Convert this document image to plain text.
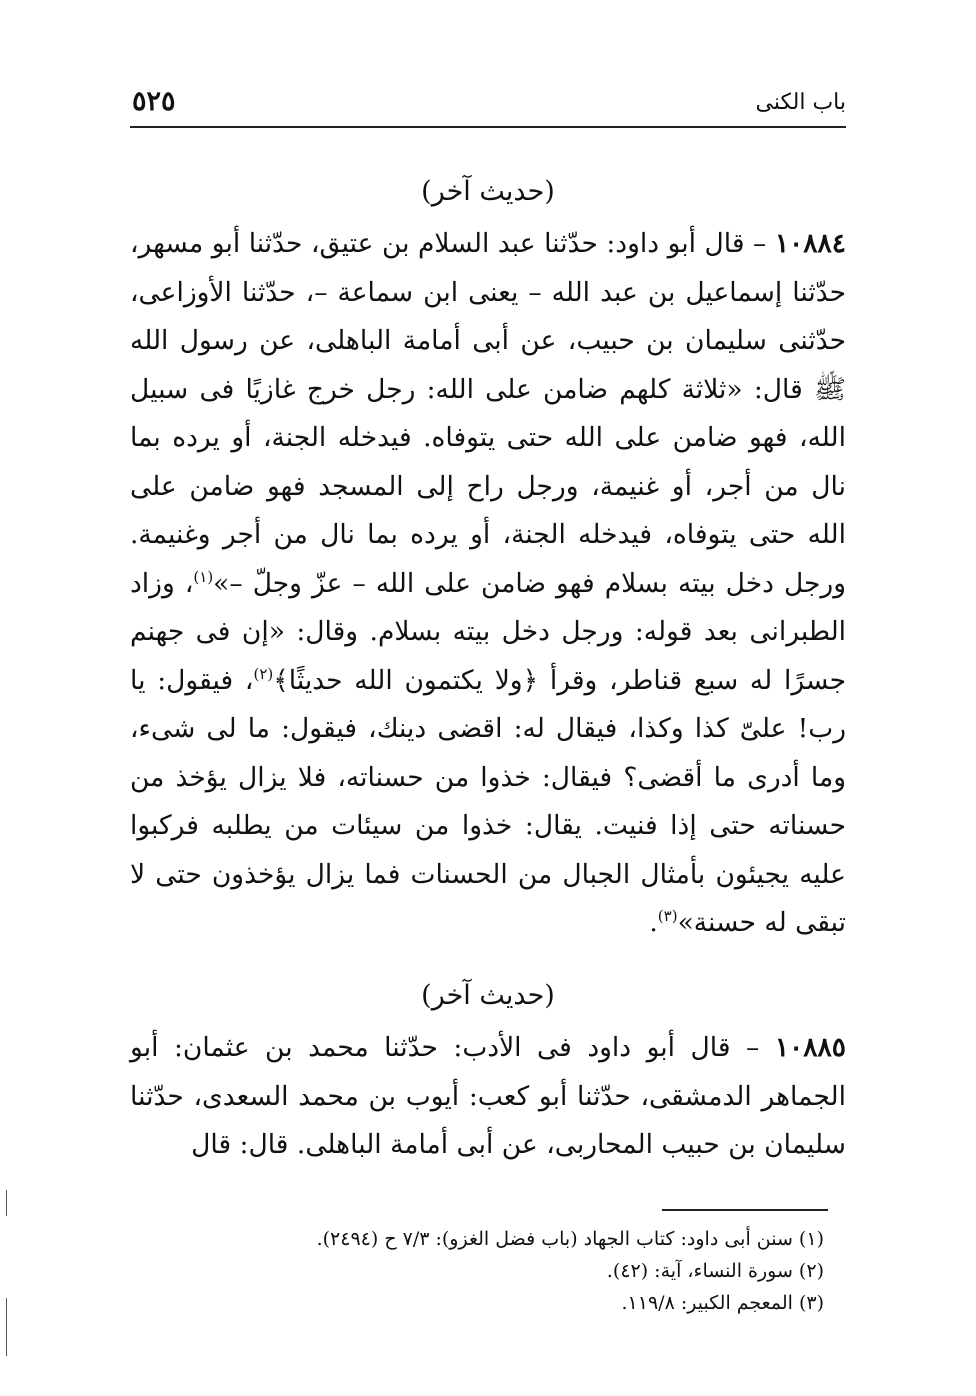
باب الكنى
٥٢٥
(حديث آخر)

١٠٨٨٤ – قال أبو داود: حدّثنا عبد السلام بن عتيق، حدّثنا أبو مسهر، حدّثنا إسماعيل بن عبد الله – يعنى ابن سماعة –، حدّثنا الأوزاعى، حدّثنى سليمان بن حبيب، عن أبى أمامة الباهلى، عن رسول الله ﷺ قال: «ثلاثة كلهم ضامن على الله: رجل خرج غازيًا فى سبيل الله، فهو ضامن على الله حتى يتوفاه. فيدخله الجنة، أو يرده بما نال من أجر، أو غنيمة، ورجل راح إلى المسجد فهو ضامن على الله حتى يتوفاه، فيدخله الجنة، أو يرده بما نال من أجر وغنيمة. ورجل دخل بيته بسلام فهو ضامن على الله – عزّ وجلّ –»$^{(١)}$، وزاد الطبرانى بعد قوله: ورجل دخل بيته بسلام. وقال: «إن فى جهنم جسرًا له سبع قناطر، وقرأ ﴿ولا يكتمون الله حديثًا﴾$^{(٢)}$، فيقول: يا رب! علىّ كذا وكذا، فيقال له: اقضى دينك، فيقول: ما لى شىء، وما أدرى ما أقضى؟ فيقال: خذوا من حسناته، فلا يزال يؤخذ من حسناته حتى إذا فنيت. يقال: خذوا من سيئات من يطلبه فركبوا عليه يجيئون بأمثال الجبال من الحسنات فما يزال يؤخذون حتى لا تبقى له حسنة»$^{(٣)}$.

(حديث آخر)

١٠٨٨٥ – قال أبو داود فى الأدب: حدّثنا محمد بن عثمان: أبو الجماهر الدمشقى، حدّثنا أبو كعب: أيوب بن محمد السعدى، حدّثنا سليمان بن حبيب المحاربى، عن أبى أمامة الباهلى. قال: قال

(١) سنن أبى داود: كتاب الجهاد (باب فضل الغزو): ٧/٣ ح (٢٤٩٤).
(٢) سورة النساء، آية: (٤٢).
(٣) المعجم الكبير: ١١٩/٨.
